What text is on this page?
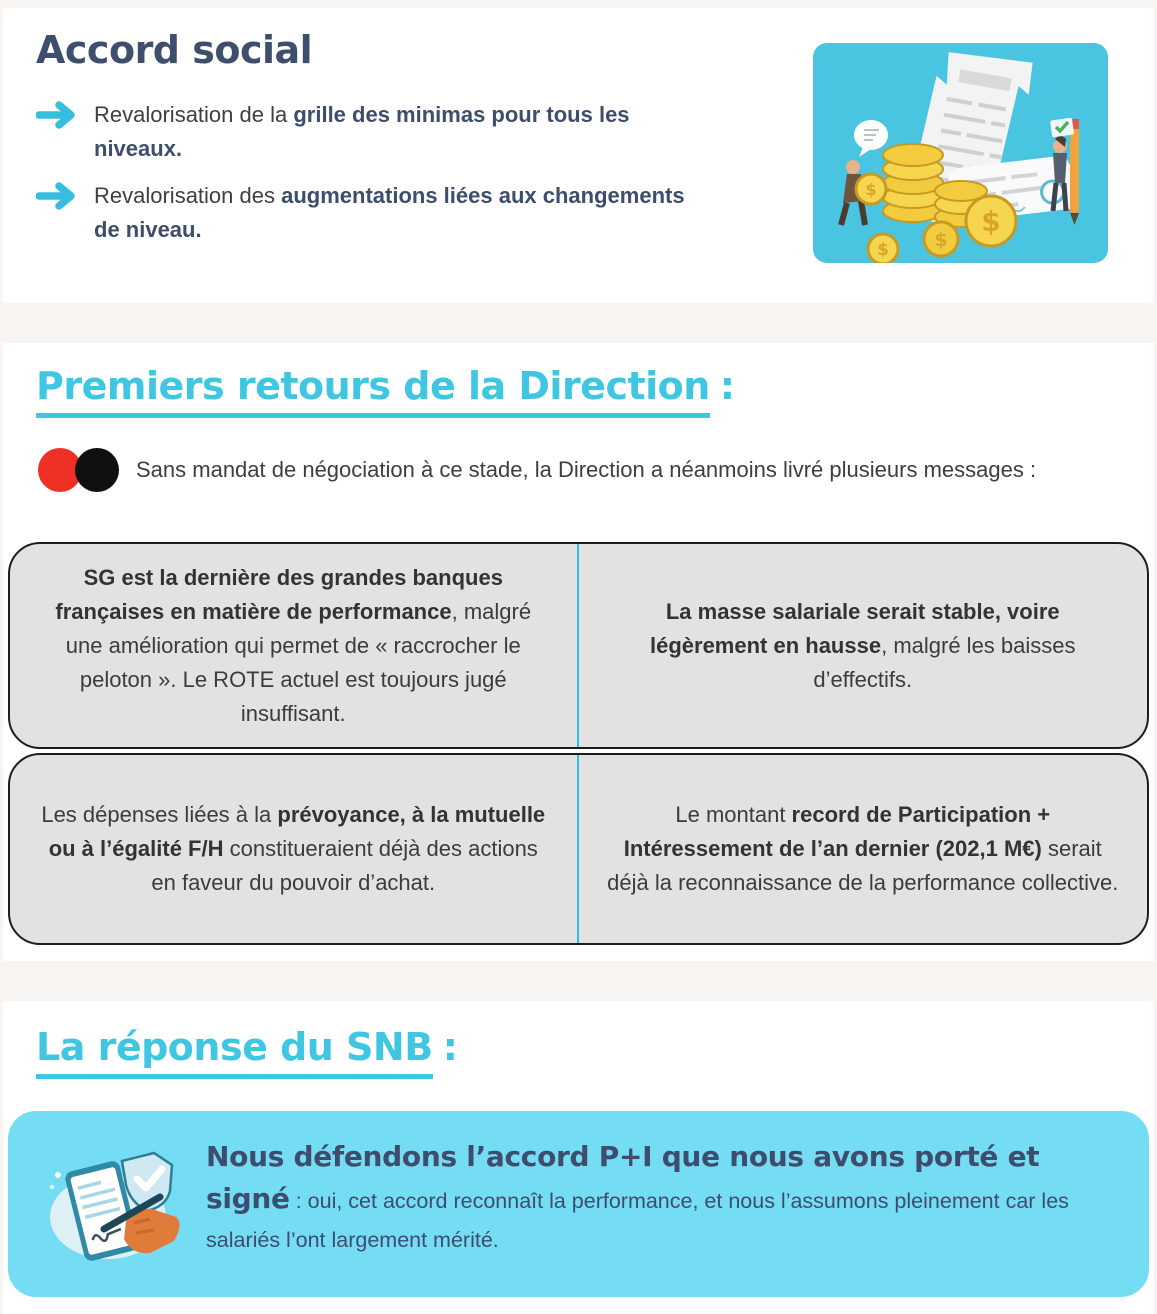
Accord social
Revalorisation de la grille des minimas pour tous les niveaux.
Revalorisation des augmentations liées aux changements de niveau.	$
$
$
$
Premiers retours de la Direction :
Sans mandat de négociation à ce stade, la Direction a néanmoins livré plusieurs messages :
SG est la dernière des grandes banques françaises en matière de performance, malgré une amélioration qui permet de « raccrocher le peloton ». Le ROTE actuel est toujours jugé insuffisant.
La masse salariale serait stable, voire légèrement en hausse, malgré les baisses d’effectifs.
Les dépenses liées à la prévoyance, à la mutuelle ou à l’égalité F/H constitueraient déjà des actions en faveur du pouvoir d’achat.
Le montant record de Participation + Intéressement de l’an dernier (202,1 M€) serait déjà la reconnaissance de la performance collective.
La réponse du SNB :
Nous défendons l’accord P+I que nous avons porté et signé : oui, cet accord reconnaît la performance, et nous l’assumons pleinement car les salariés l’ont largement mérité.
